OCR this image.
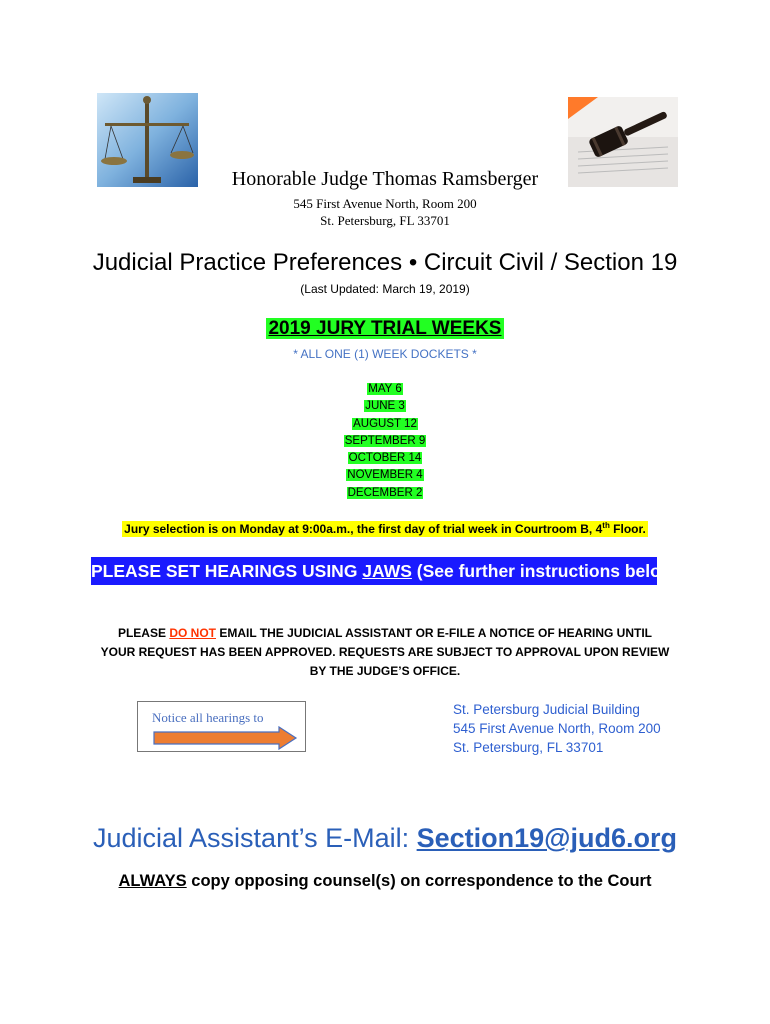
Honorable Judge Thomas Ramsberger
545 First Avenue North, Room 200
St. Petersburg, FL 33701
Judicial Practice Preferences • Circuit Civil / Section 19
(Last Updated: March 19, 2019)
2019 JURY TRIAL WEEKS
* ALL ONE (1) WEEK DOCKETS *
MAY 6
JUNE 3
AUGUST 12
SEPTEMBER 9
OCTOBER 14
NOVEMBER 4
DECEMBER 2
Jury selection is on Monday at 9:00a.m., the first day of trial week in Courtroom B, 4th Floor.
PLEASE SET HEARINGS USING JAWS (See further instructions below)
PLEASE DO NOT EMAIL THE JUDICIAL ASSISTANT OR E-FILE A NOTICE OF HEARING UNTIL
YOUR REQUEST HAS BEEN APPROVED. REQUESTS ARE SUBJECT TO APPROVAL UPON REVIEW
BY THE JUDGE’S OFFICE.
Notice all hearings to
St. Petersburg Judicial Building
545 First Avenue North, Room 200
St. Petersburg, FL 33701
Judicial Assistant’s E-Mail: Section19@jud6.org
ALWAYS copy opposing counsel(s) on correspondence to the Court
